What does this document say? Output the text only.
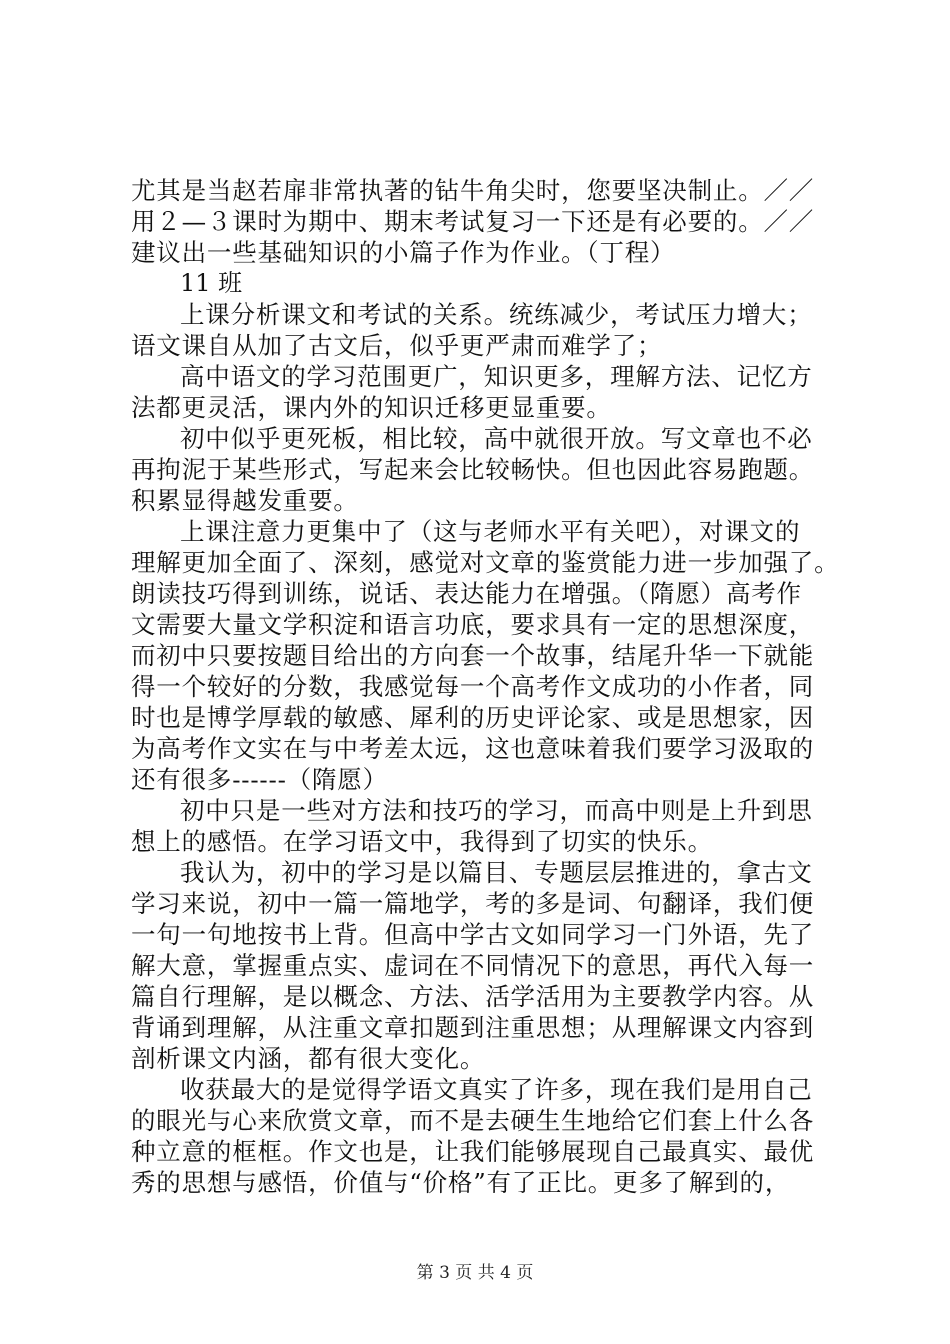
尤其是当赵若扉非常执著的钻牛角尖时，您要坚决制止。／／
用２—３课时为期中、期末考试复习一下还是有必要的。／／
建议出一些基础知识的小篇子作为作业。（丁程）
11 班
上课分析课文和考试的关系。统练减少，考试压力增大；
语文课自从加了古文后，似乎更严肃而难学了；
高中语文的学习范围更广，知识更多，理解方法、记忆方
法都更灵活，课内外的知识迁移更显重要。
初中似乎更死板，相比较，高中就很开放。写文章也不必
再拘泥于某些形式，写起来会比较畅快。但也因此容易跑题。
积累显得越发重要。
上课注意力更集中了（这与老师水平有关吧），对课文的
理解更加全面了、深刻，感觉对文章的鉴赏能力进一步加强了。
朗读技巧得到训练，说话、表达能力在增强。（隋愿）高考作
文需要大量文学积淀和语言功底，要求具有一定的思想深度，
而初中只要按题目给出的方向套一个故事，结尾升华一下就能
得一个较好的分数，我感觉每一个高考作文成功的小作者，同
时也是博学厚载的敏感、犀利的历史评论家、或是思想家，因
为高考作文实在与中考差太远，这也意味着我们要学习汲取的
还有很多------（隋愿）
初中只是一些对方法和技巧的学习，而高中则是上升到思
想上的感悟。在学习语文中，我得到了切实的快乐。
我认为，初中的学习是以篇目、专题层层推进的，拿古文
学习来说，初中一篇一篇地学，考的多是词、句翻译，我们便
一句一句地按书上背。但高中学古文如同学习一门外语，先了
解大意，掌握重点实、虚词在不同情况下的意思，再代入每一
篇自行理解，是以概念、方法、活学活用为主要教学内容。从
背诵到理解，从注重文章扣题到注重思想；从理解课文内容到
剖析课文内涵，都有很大变化。
收获最大的是觉得学语文真实了许多，现在我们是用自己
的眼光与心来欣赏文章，而不是去硬生生地给它们套上什么各
种立意的框框。作文也是，让我们能够展现自己最真实、最优
秀的思想与感悟，价值与“价格”有了正比。更多了解到的，
第 3 页 共 4 页
